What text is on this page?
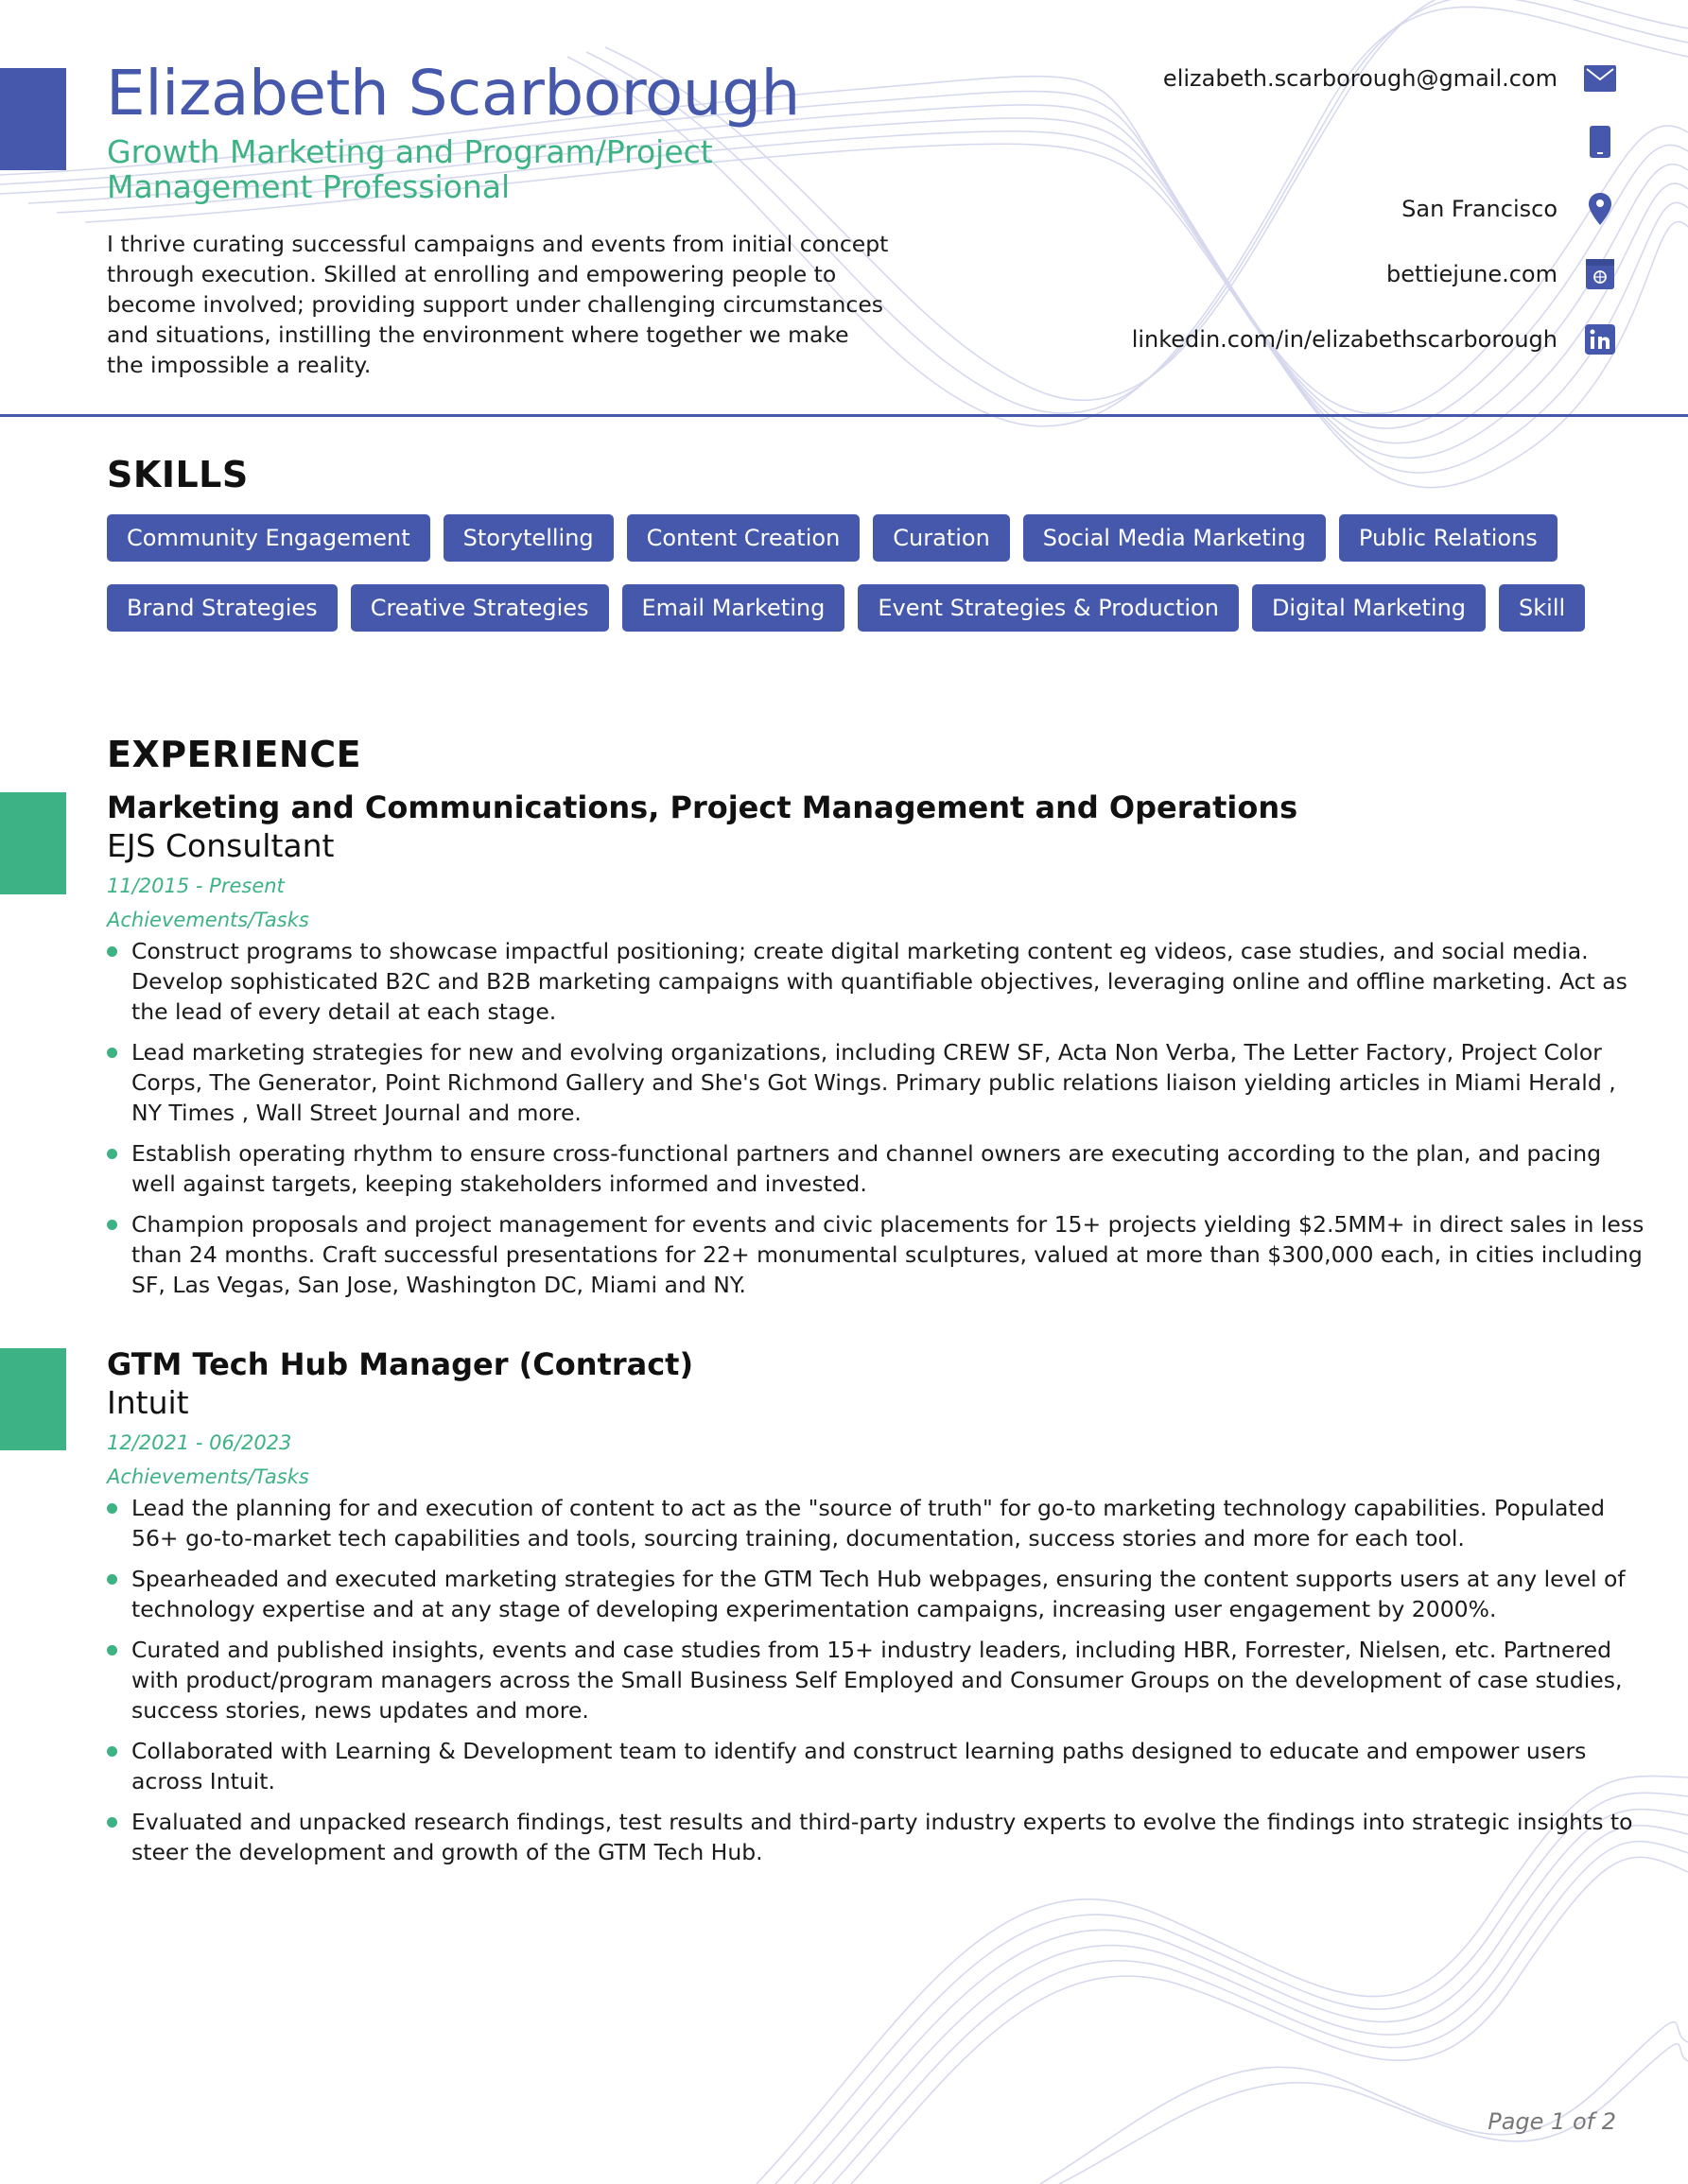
Elizabeth Scarborough
Growth Marketing and Program/Project Management Professional
I thrive curating successful campaigns and events from initial concept through execution. Skilled at enrolling and empowering people to become involved; providing support under challenging circumstances and situations, instilling the environment where together we make the impossible a reality.
elizabeth.scarborough@gmail.com
San Francisco
bettiejune.com
linkedin.com/in/elizabethscarborough
SKILLS
Community Engagement	Storytelling	Content Creation	Curation	Social Media Marketing	Public Relations
Brand Strategies	Creative Strategies	Email Marketing	Event Strategies & Production	Digital Marketing	Skill
EXPERIENCE
Marketing and Communications, Project Management and Operations
EJS Consultant
11/2015 - Present
Achievements/Tasks
Construct programs to showcase impactful positioning; create digital marketing content eg videos, case studies, and social media. Develop sophisticated B2C and B2B marketing campaigns with quantifiable objectives, leveraging online and offline marketing. Act as the lead of every detail at each stage.
Lead marketing strategies for new and evolving organizations, including CREW SF, Acta Non Verba, The Letter Factory, Project Color Corps, The Generator, Point Richmond Gallery and She's Got Wings. Primary public relations liaison yielding articles in Miami Herald , NY Times , Wall Street Journal and more.
Establish operating rhythm to ensure cross-functional partners and channel owners are executing according to the plan, and pacing well against targets, keeping stakeholders informed and invested.
Champion proposals and project management for events and civic placements for 15+ projects yielding $2.5MM+ in direct sales in less than 24 months. Craft successful presentations for 22+ monumental sculptures, valued at more than $300,000 each, in cities including SF, Las Vegas, San Jose, Washington DC, Miami and NY.
GTM Tech Hub Manager (Contract)
Intuit
12/2021 - 06/2023
Achievements/Tasks
Lead the planning for and execution of content to act as the "source of truth" for go-to marketing technology capabilities. Populated 56+ go-to-market tech capabilities and tools, sourcing training, documentation, success stories and more for each tool.
Spearheaded and executed marketing strategies for the GTM Tech Hub webpages, ensuring the content supports users at any level of technology expertise and at any stage of developing experimentation campaigns, increasing user engagement by 2000%.
Curated and published insights, events and case studies from 15+ industry leaders, including HBR, Forrester, Nielsen, etc. Partnered with product/program managers across the Small Business Self Employed and Consumer Groups on the development of case studies, success stories, news updates and more.
Collaborated with Learning & Development team to identify and construct learning paths designed to educate and empower users across Intuit.
Evaluated and unpacked research findings, test results and third-party industry experts to evolve the findings into strategic insights to steer the development and growth of the GTM Tech Hub.
Page 1 of 2
